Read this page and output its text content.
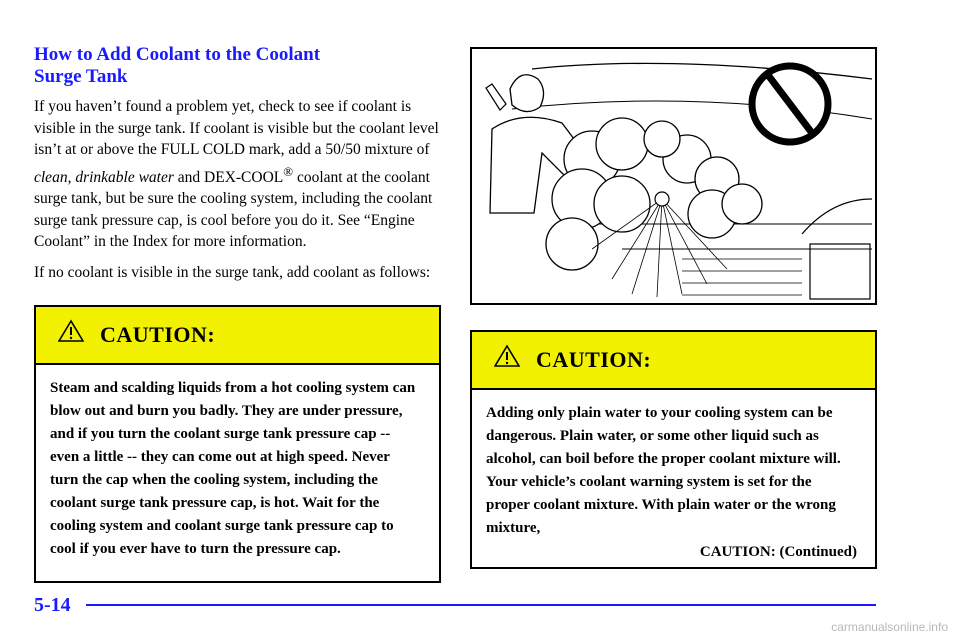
How to Add Coolant to the Coolant
Surge Tank

If you haven’t found a problem yet, check to see if coolant is visible in the surge tank. If coolant is visible but the coolant level isn’t at or above the FULL COLD mark, add a 50/50 mixture of clean, drinkable water and DEX-COOL® coolant at the coolant surge tank, but be sure the cooling system, including the coolant surge tank pressure cap, is cool before you do it. See “Engine Coolant” in the Index for more information.

If no coolant is visible in the surge tank, add coolant as follows:

CAUTION:
Steam and scalding liquids from a hot cooling system can blow out and burn you badly. They are under pressure, and if you turn the coolant surge tank pressure cap -- even a little -- they can come out at high speed. Never turn the cap when the cooling system, including the coolant surge tank pressure cap, is hot. Wait for the cooling system and coolant surge tank pressure cap to cool if you ever have to turn the pressure cap.
CAUTION:
Adding only plain water to your cooling system can be dangerous. Plain water, or some other liquid such as alcohol, can boil before the proper coolant mixture will. Your vehicle’s coolant warning system is set for the proper coolant mixture. With plain water or the wrong mixture,
CAUTION: (Continued)
5-14
carmanualsonline.info
